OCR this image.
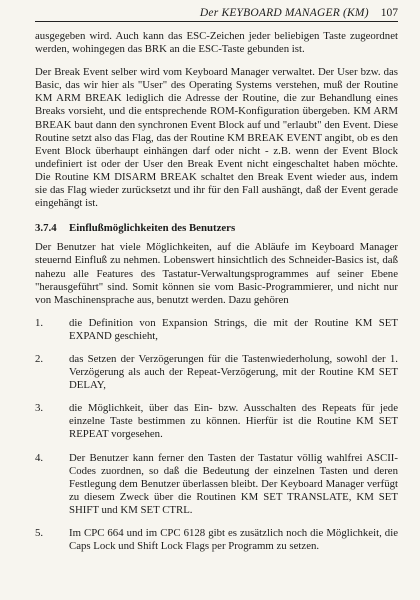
Der KEYBOARD MANAGER (KM) 107

ausgegeben wird. Auch kann das ESC-Zeichen jeder beliebigen Taste zugeordnet werden, wohingegen das BRK an die ESC-Taste gebunden ist.

Der Break Event selber wird vom Keyboard Manager verwaltet. Der User bzw. das Basic, das wir hier als "User" des Operating Systems verstehen, muß der Routine KM ARM BREAK lediglich die Adresse der Routine, die zur Behandlung eines Breaks vorsieht, und die entsprechende ROM-Konfiguration übergeben. KM ARM BREAK baut dann den synchronen Event Block auf und "erlaubt" den Event. Diese Routine setzt also das Flag, das der Routine KM BREAK EVENT angibt, ob es den Event Block überhaupt einhängen darf oder nicht - z.B. wenn der Event Block undefiniert ist oder der User den Break Event nicht eingeschaltet haben möchte. Die Routine KM DISARM BREAK schaltet den Break Event wieder aus, indem sie das Flag wieder zurücksetzt und ihr für den Fall aushängt, daß der Event gerade eingehängt ist.

3.7.4	Einflußmöglichkeiten des Benutzers

Der Benutzer hat viele Möglichkeiten, auf die Abläufe im Keyboard Manager steuernd Einfluß zu nehmen. Lobenswert hinsichtlich des Schneider-Basics ist, daß nahezu alle Features des Tastatur-Verwaltungsprogrammes auf seiner Ebene "herausgeführt" sind. Somit können sie vom Basic-Programmierer, und nicht nur von Maschinensprache aus, benutzt werden. Dazu gehören

1.	die Definition von Expansion Strings, die mit der Routine KM SET EXPAND geschieht,
2.	das Setzen der Verzögerungen für die Tastenwiederholung, sowohl der 1. Verzögerung als auch der Repeat-Verzögerung, mit der Routine KM SET DELAY,
3.	die Möglichkeit, über das Ein- bzw. Ausschalten des Repeats für jede einzelne Taste bestimmen zu können. Hierfür ist die Routine KM SET REPEAT vorgesehen.
4.	Der Benutzer kann ferner den Tasten der Tastatur völlig wahlfrei ASCII-Codes zuordnen, so daß die Bedeutung der einzelnen Tasten und deren Festlegung dem Benutzer überlassen bleibt. Der Keyboard Manager verfügt zu diesem Zweck über die Routinen KM SET TRANSLATE, KM SET SHIFT und KM SET CTRL.
5.	Im CPC 664 und im CPC 6128 gibt es zusätzlich noch die Möglichkeit, die Caps Lock und Shift Lock Flags per Programm zu setzen.
